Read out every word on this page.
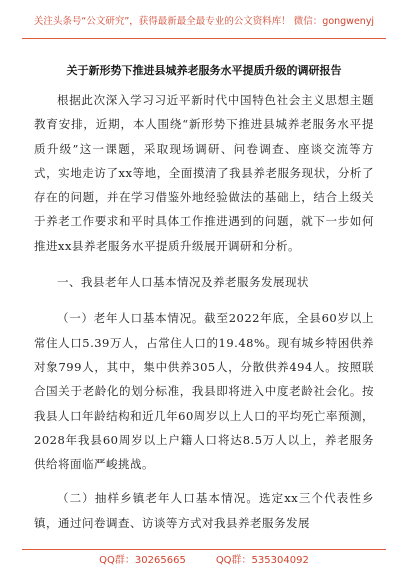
关注头条号“公文研究”，获得最新最全最专业的公文资料库！ 微信：gongwenyj
关于新形势下推进县城养老服务水平提质升级的调研报告

根据此次深入学习习近平新时代中国特色社会主义思想主题教育安排，近期，本人围绕“新形势下推进县城养老服务水平提质升级”这一课题，采取现场调研、问卷调查、座谈交流等方式，实地走访了xx等地，全面摸清了我县养老服务现状，分析了存在的问题，并在学习借鉴外地经验做法的基础上，结合上级关于养老工作要求和平时具体工作推进遇到的问题，就下一步如何推进xx县养老服务水平提质升级展开调研和分析。

一、我县老年人口基本情况及养老服务发展现状

（一）老年人口基本情况。截至2022年底，全县60岁以上常住人口5.39万人，占常住人口的19.48%。现有城乡特困供养对象799人，其中，集中供养305人，分散供养494人。按照联合国关于老龄化的划分标准，我县即将进入中度老龄社会化。按我县人口年龄结构和近几年60周岁以上人口的平均死亡率预测，2028年我县60周岁以上户籍人口将达8.5万人以上，养老服务供给将面临严峻挑战。

（二）抽样乡镇老年人口基本情况。选定xx三个代表性乡镇，通过问卷调查、访谈等方式对我县养老服务发展

QQ群：30265665	QQ群：535304092
